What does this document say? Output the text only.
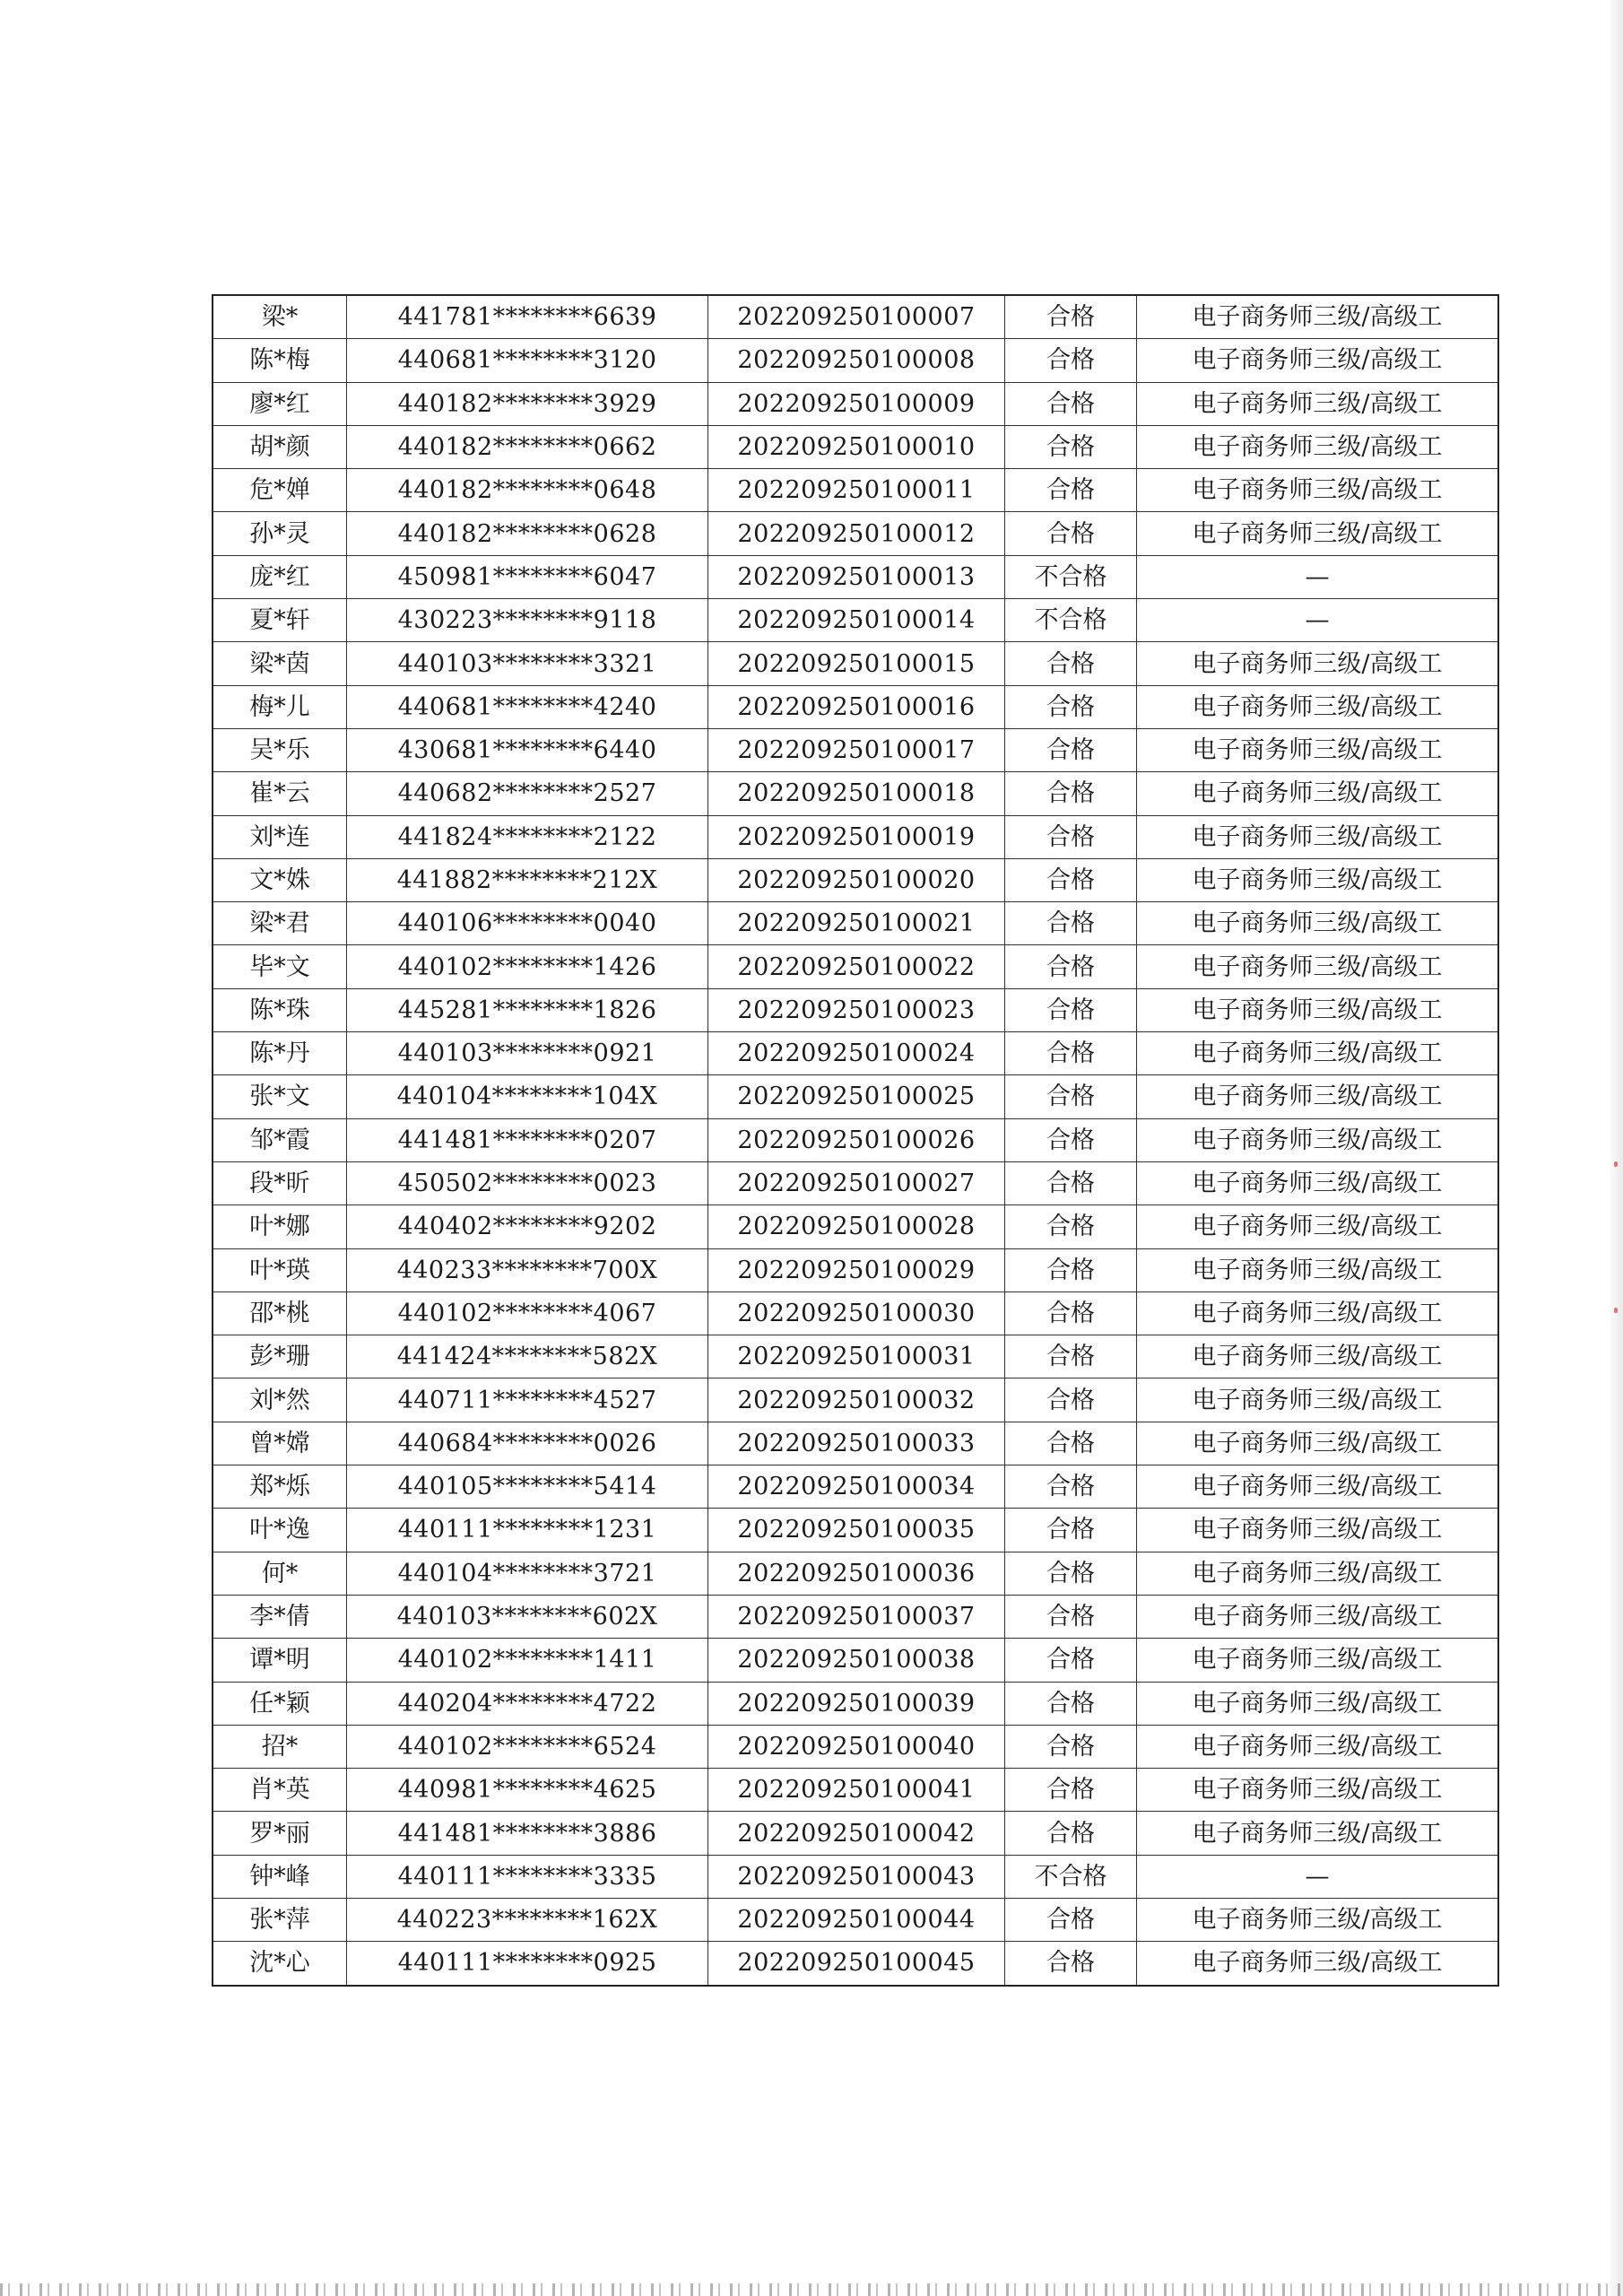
梁*	441781********6639	202209250100007	合格	电子商务师三级/高级工
陈*梅	440681********3120	202209250100008	合格	电子商务师三级/高级工
廖*红	440182********3929	202209250100009	合格	电子商务师三级/高级工
胡*颜	440182********0662	202209250100010	合格	电子商务师三级/高级工
危*婵	440182********0648	202209250100011	合格	电子商务师三级/高级工
孙*灵	440182********0628	202209250100012	合格	电子商务师三级/高级工
庞*红	450981********6047	202209250100013	不合格	—
夏*轩	430223********9118	202209250100014	不合格	—
梁*茵	440103********3321	202209250100015	合格	电子商务师三级/高级工
梅*儿	440681********4240	202209250100016	合格	电子商务师三级/高级工
吴*乐	430681********6440	202209250100017	合格	电子商务师三级/高级工
崔*云	440682********2527	202209250100018	合格	电子商务师三级/高级工
刘*连	441824********2122	202209250100019	合格	电子商务师三级/高级工
文*姝	441882********212X	202209250100020	合格	电子商务师三级/高级工
梁*君	440106********0040	202209250100021	合格	电子商务师三级/高级工
毕*文	440102********1426	202209250100022	合格	电子商务师三级/高级工
陈*珠	445281********1826	202209250100023	合格	电子商务师三级/高级工
陈*丹	440103********0921	202209250100024	合格	电子商务师三级/高级工
张*文	440104********104X	202209250100025	合格	电子商务师三级/高级工
邹*霞	441481********0207	202209250100026	合格	电子商务师三级/高级工
段*昕	450502********0023	202209250100027	合格	电子商务师三级/高级工
叶*娜	440402********9202	202209250100028	合格	电子商务师三级/高级工
叶*瑛	440233********700X	202209250100029	合格	电子商务师三级/高级工
邵*桃	440102********4067	202209250100030	合格	电子商务师三级/高级工
彭*珊	441424********582X	202209250100031	合格	电子商务师三级/高级工
刘*然	440711********4527	202209250100032	合格	电子商务师三级/高级工
曾*嫦	440684********0026	202209250100033	合格	电子商务师三级/高级工
郑*烁	440105********5414	202209250100034	合格	电子商务师三级/高级工
叶*逸	440111********1231	202209250100035	合格	电子商务师三级/高级工
何*	440104********3721	202209250100036	合格	电子商务师三级/高级工
李*倩	440103********602X	202209250100037	合格	电子商务师三级/高级工
谭*明	440102********1411	202209250100038	合格	电子商务师三级/高级工
任*颖	440204********4722	202209250100039	合格	电子商务师三级/高级工
招*	440102********6524	202209250100040	合格	电子商务师三级/高级工
肖*英	440981********4625	202209250100041	合格	电子商务师三级/高级工
罗*丽	441481********3886	202209250100042	合格	电子商务师三级/高级工
钟*峰	440111********3335	202209250100043	不合格	—
张*萍	440223********162X	202209250100044	合格	电子商务师三级/高级工
沈*心	440111********0925	202209250100045	合格	电子商务师三级/高级工
